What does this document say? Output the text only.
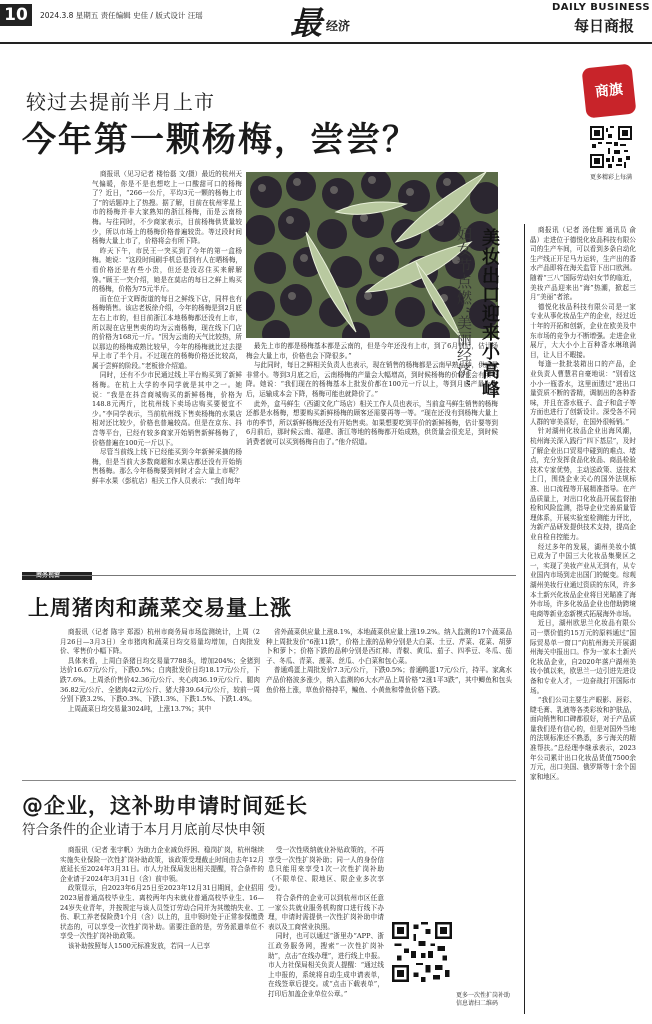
10	2024.3.8 星期五 责任编辑 史佳 / 版式设计 汪瑶	最 经济
DAILY BUSINESS
每日商报
较过去提前半月上市
今年第一颗杨梅，尝尝？

商报讯（见习记者 楼怡磊 文/摄）最近的杭州天气偏暖，你是不是也想吃上一口酸甜可口的杨梅了？近日，“266一公斤，平均3元一颗的杨梅上市了”的话题冲上了热搜。据了解，目前在杭州零星上市的杨梅并非大家熟知的浙江杨梅，而是云南杨梅。与往同时，不少商家表示，目前杨梅供货量较少，所以市场上的杨梅价格普遍较贵。等过段时间杨梅大量上市了，价格将会有所下降。

昨天下午，市民王一突买到了今年的第一盒杨梅。她说：“这段时间刷手机总看到有人在晒杨梅，看价格还是有些小贵，但还是没忍住买来解解馋。”顾王一突介绍，她是在莫店的每日之鲜上购买的杨梅，价格为75元半斤。

而在位于文晖街道的每日之鲜线下店，同样也有杨梅销售。该店老板徐介绍，今年的杨梅是到2月底左右上市的，但目前浙江本地杨梅都还没有上市，所以现在店里售卖的均为云南杨梅，现在线下门店的价格为168元一斤。“因为云南的天气比较热，所以那边的杨梅成熟比较早，今年的杨梅就比过去提早上市了半个月。不过现在的杨梅价格还比较高，属于尝鲜的阶段。”老板徐介绍道。

同时，还有不少市民通过线上平台购买到了新鲜杨梅。在杭上大学的李同学就是其中之一。她说：“我是在抖音商城购买的新鲜杨梅，价格为148.8元两斤，比杭州线下卖场店购买要便宜不少。”李同学表示，当前杭州线下售卖杨梅的水果店相对还比较少，价格也普遍较高。但是在京东、抖音等平台，已经有较多商家开始销售新鲜杨梅了，价格普遍在100元一斤以下。

尽管当前线上线下已经能买到今年新鲜采摘的杨梅，但是当前大多数商超和水果店都还没有开始销售杨梅。那么今年杨梅要到何时才会大量上市呢？鲜丰水果（彭杭店）相关工作人员表示：“我们每年

最先上市的都是杨梅基本都是云南的，但是今年还没有上市，到了6月前后，估计杨梅会大量上市，价格也会下降很多。”

与此同时，每日之鲜相关负责人也表示，现在销售的杨梅都是云南早熟品种，供应量非常小。等到3月底之后，云南杨梅的产量会大幅增高，到时候杨梅的价格也会有所下降。她说：“我们现在的杨梅基本上批发价都在100元一斤以上，等到月底产量上来后，运输成本会下降，杨梅可能也就降价了。”

此外，盒马鲜生（西湖文化广场店）相关工作人员也表示，当前盒马鲜生销售的杨梅还都是水杨梅，想要购买新鲜杨梅的顾客还需要再等一等。“现在还没有到杨梅大量上市的季节，所以新鲜杨梅还没有开始售卖。如果想要吃到平价的新鲜杨梅，估计要等到6月前后，那时候云南、福建、浙江等地的杨梅都开始成熟，供货量会很充足，到时候消费者就可以买到杨梅自由了。”他介绍道。

商旗
更多精彩上每满
美妆出口迎来小高峰
妇女节点燃“美丽经济”	商报讯（记者 汤佳辉 通讯员 俞晶）走进位于德悦化妆品科技有限公司的生产车间，可以看到多条自动化生产线正开足马力运转，生产出的香水产品即将在海关监管下出口欧洲。随着“三八”国际劳动妇女节的临近，美妆产品迎来出“海”热潮，掀起三月“美丽”者浓。

德悦化妆品科技有限公司是一家专业从事化妆品生产的企业，经过近十年的开拓和创新，企业在欧美及中东市场的竞争力不断增强。走进企业展厅，大大小小上百种香水琳琅满目，让人目不暇接。

每逢一批批装箱出口的产品，企业负责人曹慧君自豪地说：“别看这小小一瓶香水，这里面透过“进出口量资质不断的香精，调制出的各种香味，并且在香水瓶子、盒子和盒子等方面也进行了创新设计。深受各不同人群的审美喜好，在国外很畅销。”

针对湖州化妆品企业出海风潮，杭州海关深入践行“四下基层”，及时了解企业出口贸易中碰到的难点、堵点，充分发挥食品化妆品、商品检验技术专家优势，主动送政策、送技术上门，围绕企业关心的国外法规标准、出口流程等开展精准指导。在产品质量上，对出口化妆品开展监督抽检和风险监测，指导企业完善质量管理体系，开展实验室检测能力评比，为新产品研发提供技术支持，提高企业自检自控能力。

经过多年的发展，湖州美妆小镇已成为了中国三大化妆品集聚区之一，实现了美妆产业从无到有，从专业国内市场到走出国门的蜕变。综观湖州美妆行业通过资质的东风，许多本土新兴化妆品企业将目光瞄准了海外市场，许多化妆品企业也借助跨境电商等新业态新模式拓展海外市场。

近日，湖州欧思兰化妆品有限公司一票价值约15万元的原料通过“国际贸易单一窗口”向杭州海关开展湖州海关申报出口。作为一家本土新兴化妆品企业，自2020年落户湖州美妆小镇以来，欧思兰一边引进先进设备和专业人才，一边奋战打开国际市场。

“我们公司主要生产眼影、唇彩、睫毛膏、乳液等各类彩妆和护肤品，面向销售和口碑都很好，对于产品质量我们是有信心的，但是对国外当地的法规标准还不熟悉，多亏海关的精准帮扶。”总经理李继承表示，2023年公司累计出口化妆品货值7500余万元，出口美国、俄罗斯等十余个国家和地区。

上周猪肉和蔬菜交易量上涨

商报讯（记者 陈宇 郑源）杭州市商务局市场监测统计，上周（2月26日—3月3日）全市猪肉和蔬菜日均交易量均增加，白肉批发价、零售价小幅下降。

具体来看，上周白条猪日均交易量7788头，增加204%；全猪到达价16.67元/公斤，下跌0.5%；白肉批发价日均18.17元/公斤，下跌7.6%。上周杀价售价42.36元/公斤、夹心肉36.19元/公斤、腿肉36.82元/公斤、全猪肉42元/公斤、猪大排39.64元/公斤，较前一周分别下跌3.2%、下跌0.3%、下跌1.3%、下跌1.5%、下跌1.4%。

上周蔬菜日均交易量3024吨，上涨13.7%；其中

省外蔬菜供应量上涨8.1%，本地蔬菜供应量上涨19.2%。纳入监测的17个蔬菜品种上周批发价“6涨11跌”，价格上涨的品种分别是大白菜、土豆、芹菜、花菜、胡萝卜和萝卜；价格下跌的品种分别是西红柿、青椒、黄瓜、茄子、四季豆、冬瓜、茄子、冬瓜、青菜、菠菜、丝瓜、小白菜和包心菜。

普通鸡蛋上周批发价7.3元/公斤，下跌0.5%；普通鸭蛋17元/公斤，持平。家禽水产品价格波多涨少，纳入监测的6大水产品上周价格“2涨1平3跌”，其中鲫鱼和包头鱼价格上涨，草鱼价格持平，鳊鱼、小黄鱼和带鱼价格下跌。

@企业，这补助申请时间延长
符合条件的企业请于本月月底前尽快申领

商报讯（记者 张宇帆）为助力企业减负纾困、稳岗扩岗，杭州继续实施失业保险一次性扩岗补助政策，该政策受理截止时间由去年12月底延长至2024年3月31日。市人力社保局发出相关提醒，符合条件的企业请于2024年3月31日（含）前申领。

政策显示，自2023年6月25日至2023年12月31日期间，企业招用2023届普通高校毕业生、离校两年内未就业普通高校毕业生、16—24岁失业青年，并按规定与该人员签订劳动合同并为其缴纳失业、工伤、职工养老保险费1个月（含）以上的，且申领时处于正常参保缴费状态的，可以享受一次性扩岗补助。需要注意的是，劳务派遣单位不享受一次性扩岗补助政策。

该补助按照每人1500元标准发放，若同一人已享

受一次性吸纳就业补贴政策的，不再享受一次性扩岗补助；同一人的身份信息只能用来享受1次一次性扩岗补助（不限单位、限地区、限企业多次享受）。

符合条件的企业可以到杭州市区任意一家公共就业服务机构窗口进行线下办理，申请时需提供一次性扩岗补助申请表以及工商营业执照。

同时，也可以通过“浙里办”APP、浙江政务服务网，搜索“一次性扩岗补助”，点击“在线办理”，进行线上申报。市人力社保局相关负责人提醒：“通过线上申报的，系统将自动生成申请表单，在线签章后提交。或“点击下载表单”，打印后加盖企业单位公章。”	更多一次性扩岗补助信息请扫二维码
